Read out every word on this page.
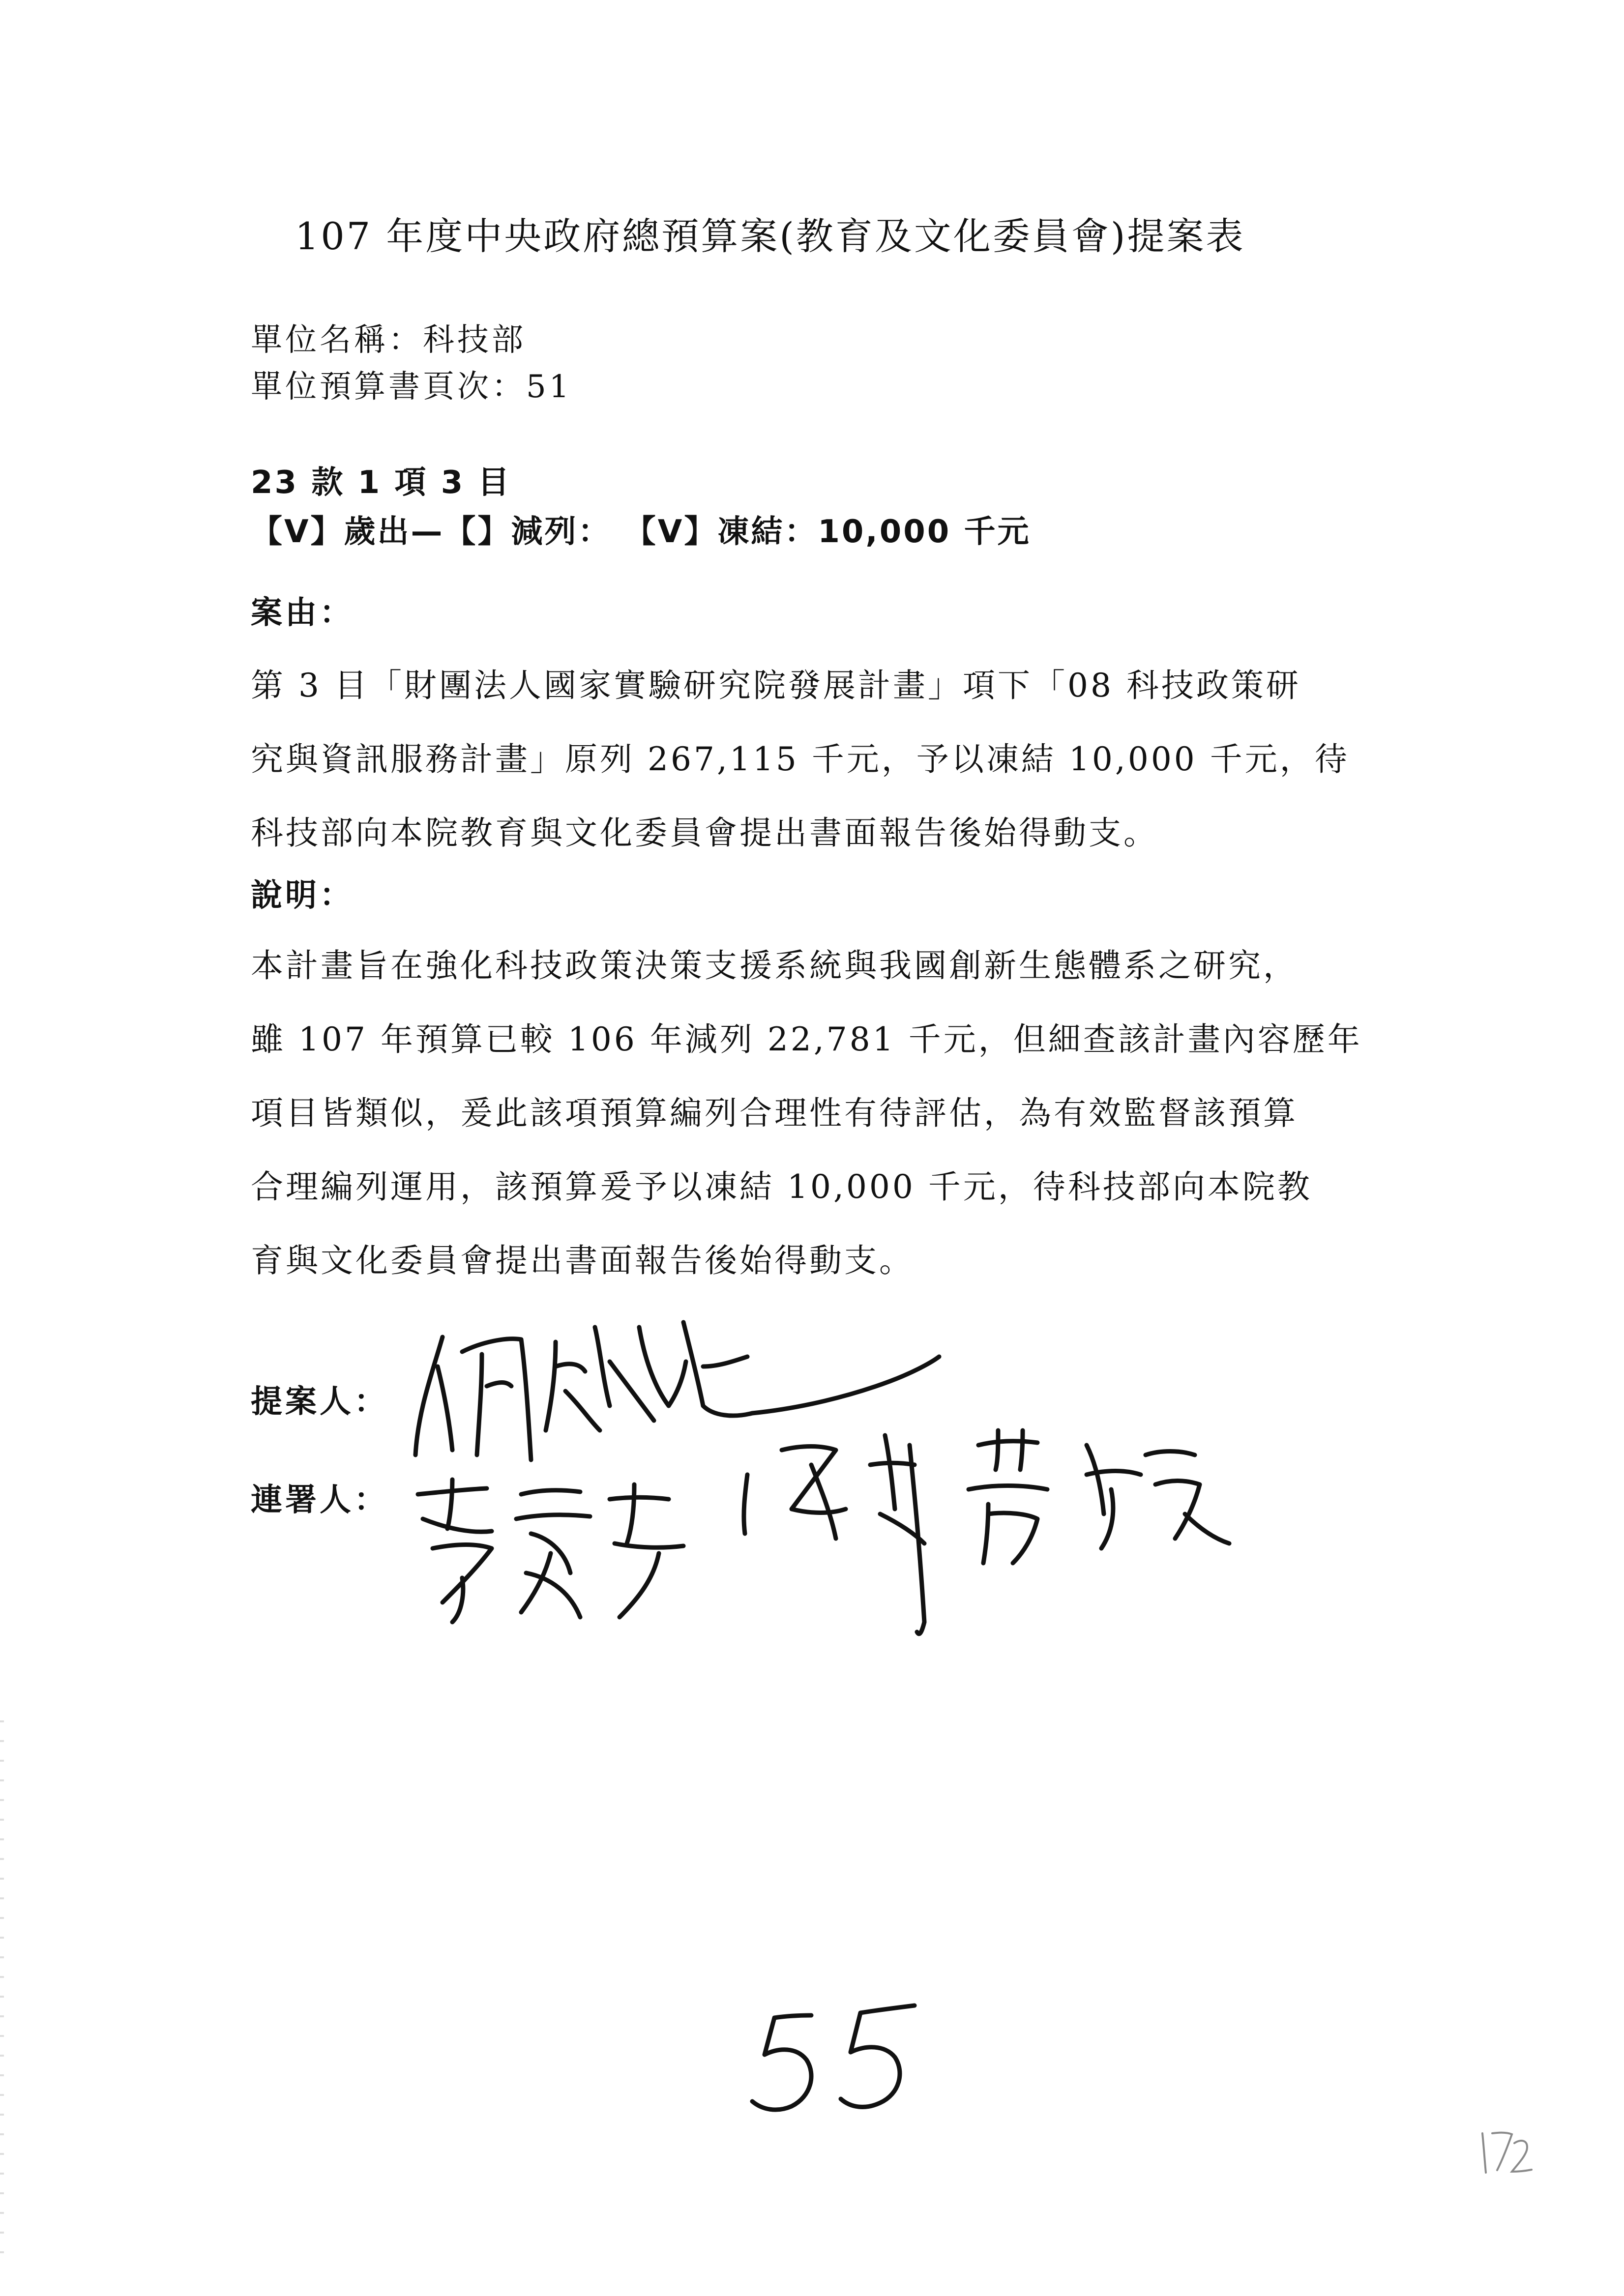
107 年度中央政府總預算案(教育及文化委員會)提案表
單位名稱：科技部
單位預算書頁次：51
23 款 1 項 3 目
【V】歲出—【】減列： 【V】凍結：10,000 千元
案由：
第 3 目「財團法人國家實驗研究院發展計畫」項下「08 科技政策研
究與資訊服務計畫」原列 267,115 千元，予以凍結 10,000 千元，待
科技部向本院教育與文化委員會提出書面報告後始得動支。
說明：
本計畫旨在強化科技政策決策支援系統與我國創新生態體系之研究，
雖 107 年預算已較 106 年減列 22,781 千元，但細查該計畫內容歷年
項目皆類似，爰此該項預算編列合理性有待評估，為有效監督該預算
合理編列運用，該預算爰予以凍結 10,000 千元，待科技部向本院教
育與文化委員會提出書面報告後始得動支。
提案人：
連署人：
